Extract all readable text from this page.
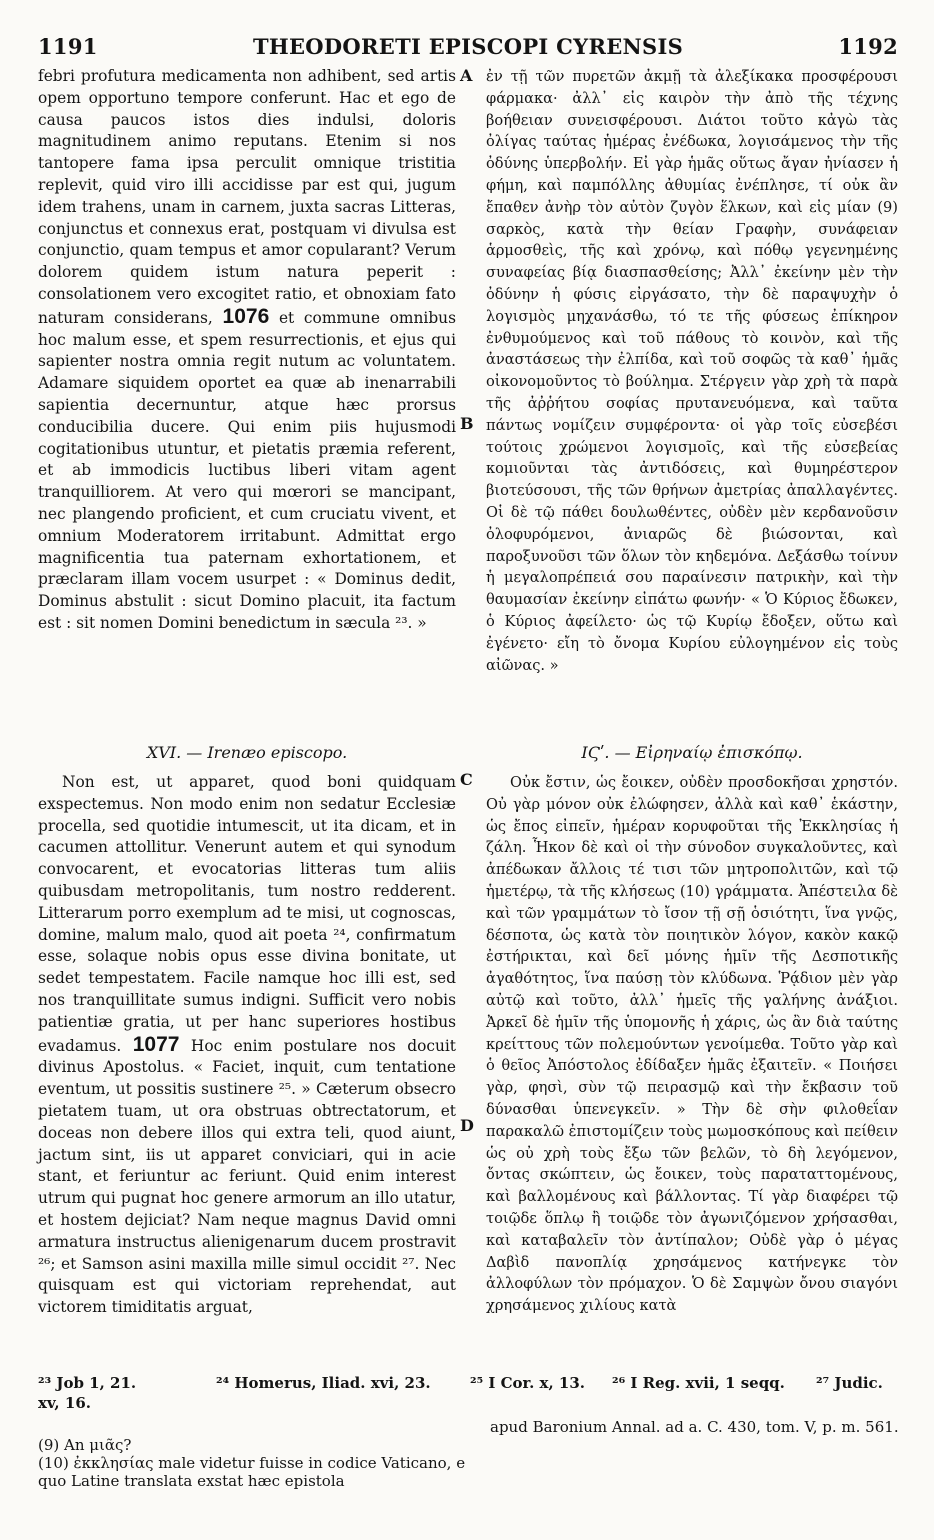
1191	THEODORETI EPISCOPI CYRENSIS	1192
A
B
C
D

febri profutura medicamenta non adhibent, sed artis opem opportuno tempore conferunt. Hac et ego de causa paucos istos dies indulsi, doloris magnitudinem animo reputans. Etenim si nos tantopere fama ipsa perculit omnique tristitia replevit, quid viro illi accidisse par est qui, jugum idem trahens, unam in carnem, juxta sacras Litteras, conjunctus et connexus erat, postquam vi divulsa est conjunctio, quam tempus et amor copularant? Verum dolorem quidem istum natura peperit : consolationem vero excogitet ratio, et obnoxiam fato naturam considerans, 1076 et commune omnibus hoc malum esse, et spem resurrectionis, et ejus qui sapienter nostra omnia regit nutum ac voluntatem. Adamare siquidem oportet ea quæ ab inenarrabili sapientia decernuntur, atque hæc prorsus conducibilia ducere. Qui enim piis hujusmodi cogitationibus utuntur, et pietatis præmia referent, et ab immodicis luctibus liberi vitam agent tranquilliorem. At vero qui mœrori se mancipant, nec plangendo proficient, et cum cruciatu vivent, et omnium Moderatorem irritabunt. Admittat ergo magnificentia tua paternam exhortationem, et præclaram illam vocem usurpet : « Dominus dedit, Dominus abstulit : sicut Domino placuit, ita factum est : sit nomen Domini benedictum in sæcula ²³. »

XVI. — Irenæo episcopo.

Non est, ut apparet, quod boni quidquam exspectemus. Non modo enim non sedatur Ecclesiæ procella, sed quotidie intumescit, ut ita dicam, et in cacumen attollitur. Venerunt autem et qui synodum convocarent, et evocatorias litteras tum aliis quibusdam metropolitanis, tum nostro redderent. Litterarum porro exemplum ad te misi, ut cognoscas, domine, malum malo, quod ait poeta ²⁴, confirmatum esse, solaque nobis opus esse divina bonitate, ut sedet tempestatem. Facile namque hoc illi est, sed nos tranquillitate sumus indigni. Sufficit vero nobis patientiæ gratia, ut per hanc superiores hostibus evadamus. 1077 Hoc enim postulare nos docuit divinus Apostolus. « Faciet, inquit, cum tentatione eventum, ut possitis sustinere ²⁵. » Cæterum obsecro pietatem tuam, ut ora obstruas obtrectatorum, et doceas non debere illos qui extra teli, quod aiunt, jactum sint, iis ut apparet conviciari, qui in acie stant, et feriuntur ac feriunt. Quid enim interest utrum qui pugnat hoc genere armorum an illo utatur, et hostem dejiciat? Nam neque magnus David omni armatura instructus alienigenarum ducem prostravit ²⁶; et Samson asini maxilla mille simul occidit ²⁷. Nec quisquam est qui victoriam reprehendat, aut victorem timiditatis arguat,

ἐν τῇ τῶν πυρετῶν ἀκμῇ τὰ ἀλεξίκακα προσφέρουσι φάρμακα· ἀλλ᾽ εἰς καιρὸν τὴν ἀπὸ τῆς τέχνης βοήθειαν συνεισφέρουσι. Διάτοι τοῦτο κἀγὼ τὰς ὀλίγας ταύτας ἡμέρας ἐνέδωκα, λογισάμενος τὴν τῆς ὀδύνης ὑπερβολήν. Εἰ γὰρ ἡμᾶς οὕτως ἄγαν ἠνίασεν ἡ φήμη, καὶ παμπόλλης ἀθυμίας ἐνέπλησε, τί οὐκ ἂν ἔπαθεν ἀνὴρ τὸν αὐτὸν ζυγὸν ἕλκων, καὶ εἰς μίαν (9) σαρκὸς, κατὰ τὴν θείαν Γραφὴν, συνάφειαν ἁρμοσθεὶς, τῆς καὶ χρόνῳ, καὶ πόθῳ γεγενημένης συναφείας βίᾳ διασπασθείσης; Ἀλλ᾽ ἐκείνην μὲν τὴν ὀδύνην ἡ φύσις εἰργάσατο, τὴν δὲ παραψυχὴν ὁ λογισμὸς μηχανάσθω, τό τε τῆς φύσεως ἐπίκηρον ἐνθυμούμενος καὶ τοῦ πάθους τὸ κοινὸν, καὶ τῆς ἀναστάσεως τὴν ἐλπίδα, καὶ τοῦ σοφῶς τὰ καθ᾽ ἡμᾶς οἰκονομοῦντος τὸ βούλημα. Στέργειν γὰρ χρὴ τὰ παρὰ τῆς ἀῤῥήτου σοφίας πρυτανευόμενα, καὶ ταῦτα πάντως νομίζειν συμφέροντα· οἱ γὰρ τοῖς εὐσεβέσι τούτοις χρώμενοι λογισμοῖς, καὶ τῆς εὐσεβείας κομιοῦνται τὰς ἀντιδόσεις, καὶ θυμηρέστερον βιοτεύσουσι, τῆς τῶν θρήνων ἀμετρίας ἀπαλλαγέντες. Οἱ δὲ τῷ πάθει δουλωθέντες, οὐδὲν μὲν κερδανοῦσιν ὀλοφυρόμενοι, ἀνιαρῶς δὲ βιώσονται, καὶ παροξυνοῦσι τῶν ὅλων τὸν κηδεμόνα. Δεξάσθω τοίνυν ἡ μεγαλοπρέπειά σου παραίνεσιν πατρικὴν, καὶ τὴν θαυμασίαν ἐκείνην εἰπάτω φωνήν· « Ὁ Κύριος ἔδωκεν, ὁ Κύριος ἀφείλετο· ὡς τῷ Κυρίῳ ἔδοξεν, οὕτω καὶ ἐγένετο· εἴη τὸ ὄνομα Κυρίου εὐλογημένον εἰς τοὺς αἰῶνας. »

ΙϚʹ. — Εἰρηναίῳ ἐπισκόπῳ.

Οὐκ ἔστιν, ὡς ἔοικεν, οὐδὲν προσδοκῆσαι χρηστόν. Οὐ γὰρ μόνον οὐκ ἐλώφησεν, ἀλλὰ καὶ καθ᾽ ἑκάστην, ὡς ἔπος εἰπεῖν, ἡμέραν κορυφοῦται τῆς Ἐκκλησίας ἡ ζάλη. Ἧκον δὲ καὶ οἱ τὴν σύνοδον συγκαλοῦντες, καὶ ἀπέδωκαν ἄλλοις τέ τισι τῶν μητροπολιτῶν, καὶ τῷ ἡμετέρῳ, τὰ τῆς κλήσεως (10) γράμματα. Ἀπέστειλα δὲ καὶ τῶν γραμμάτων τὸ ἴσον τῇ σῇ ὁσιότητι, ἵνα γνῷς, δέσποτα, ὡς κατὰ τὸν ποιητικὸν λόγον, κακὸν κακῷ ἐστήρικται, καὶ δεῖ μόνης ἡμῖν τῆς Δεσποτικῆς ἀγαθότητος, ἵνα παύσῃ τὸν κλύδωνα. Ῥᾴδιον μὲν γὰρ αὐτῷ καὶ τοῦτο, ἀλλ᾽ ἡμεῖς τῆς γαλήνης ἀνάξιοι. Ἀρκεῖ δὲ ἡμῖν τῆς ὑπομονῆς ἡ χάρις, ὡς ἂν διὰ ταύτης κρείττους τῶν πολεμούντων γενοίμεθα. Τοῦτο γὰρ καὶ ὁ θεῖος Ἀπόστολος ἐδίδαξεν ἡμᾶς ἐξαιτεῖν. « Ποιήσει γὰρ, φησὶ, σὺν τῷ πειρασμῷ καὶ τὴν ἔκβασιν τοῦ δύνασθαι ὑπενεγκεῖν. » Τὴν δὲ σὴν φιλοθεΐαν παρακαλῶ ἐπιστομίζειν τοὺς μωμοσκόπους καὶ πείθειν ὡς οὐ χρὴ τοὺς ἔξω τῶν βελῶν, τὸ δὴ λεγόμενον, ὄντας σκώπτειν, ὡς ἔοικεν, τοὺς παραταττομένους, καὶ βαλλομένους καὶ βάλλοντας. Τί γὰρ διαφέρει τῷ τοιῷδε ὅπλῳ ἢ τοιῷδε τὸν ἀγωνιζόμενον χρήσασθαι, καὶ καταβαλεῖν τὸν ἀντίπαλον; Οὐδὲ γὰρ ὁ μέγας Δαβὶδ πανοπλίᾳ χρησάμενος κατήνεγκε τὸν ἀλλοφύλων τὸν πρόμαχον. Ὁ δὲ Σαμψὼν ὄνου σιαγόνι χρησάμενος χιλίους κατὰ

²³ Job 1, 21.	²⁴ Homerus, Iliad. xvi, 23.	²⁵ I Cor. x, 13. ²⁶ I Reg. xvii, 1 seqq. ²⁷ Judic.
xv, 16.
(9) An μιᾶς?
(10) ἐκκλησίας male videtur fuisse in codice Vaticano, e quo Latine translata exstat hæc epistola
apud Baronium Annal. ad a. C. 430, tom. V, p. m. 561.
